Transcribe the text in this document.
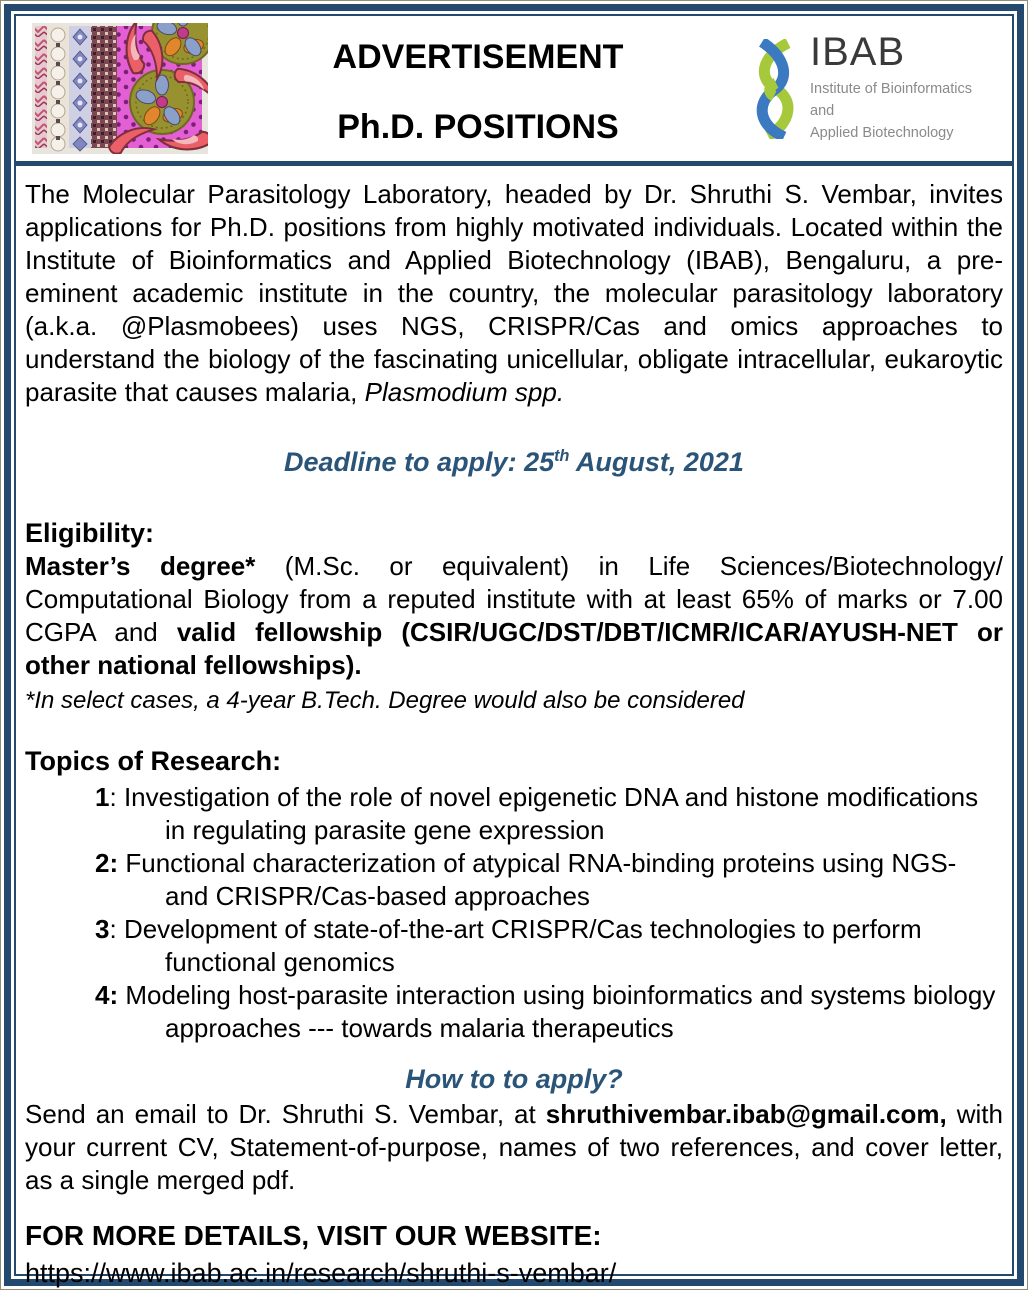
ADVERTISEMENT
Ph.D. POSITIONS
IBAB
Institute of Bioinformatics and
Applied Biotechnology

The Molecular Parasitology Laboratory, headed by Dr. Shruthi S. Vembar, invites applications for Ph.D. positions from highly motivated individuals. Located within the Institute of Bioinformatics and Applied Biotechnology (IBAB), Bengaluru, a pre-eminent academic institute in the country, the molecular parasitology laboratory (a.k.a. @Plasmobees) uses NGS, CRISPR/Cas and omics approaches to understand the biology of the fascinating unicellular, obligate intracellular, eukaroytic parasite that causes malaria, Plasmodium spp.

Deadline to apply: 25th August, 2021

Eligibility:

Master’s degree* (M.Sc. or equivalent) in Life Sciences/Biotechnology/ Computational Biology from a reputed institute with at least 65% of marks or 7.00 CGPA and valid fellowship (CSIR/UGC/DST/DBT/ICMR/ICAR/AYUSH-NET or other national fellowships).

*In select cases, a 4-year B.Tech. Degree would also be considered

Topics of Research:
1: Investigation of the role of novel epigenetic DNA and histone modifications
in regulating parasite gene expression
2: Functional characterization of atypical RNA-binding proteins using NGS-
and CRISPR/Cas-based approaches
3: Development of state-of-the-art CRISPR/Cas technologies to perform
functional genomics
4: Modeling host-parasite interaction using bioinformatics and systems biology
approaches --- towards malaria therapeutics

How to to apply?

Send an email to Dr. Shruthi S. Vembar, at shruthivembar.ibab@gmail.com, with your current CV, Statement-of-purpose, names of two references, and cover letter, as a single merged pdf.

FOR MORE DETAILS, VISIT OUR WEBSITE:

https://www.ibab.ac.in/research/shruthi-s-vembar/
